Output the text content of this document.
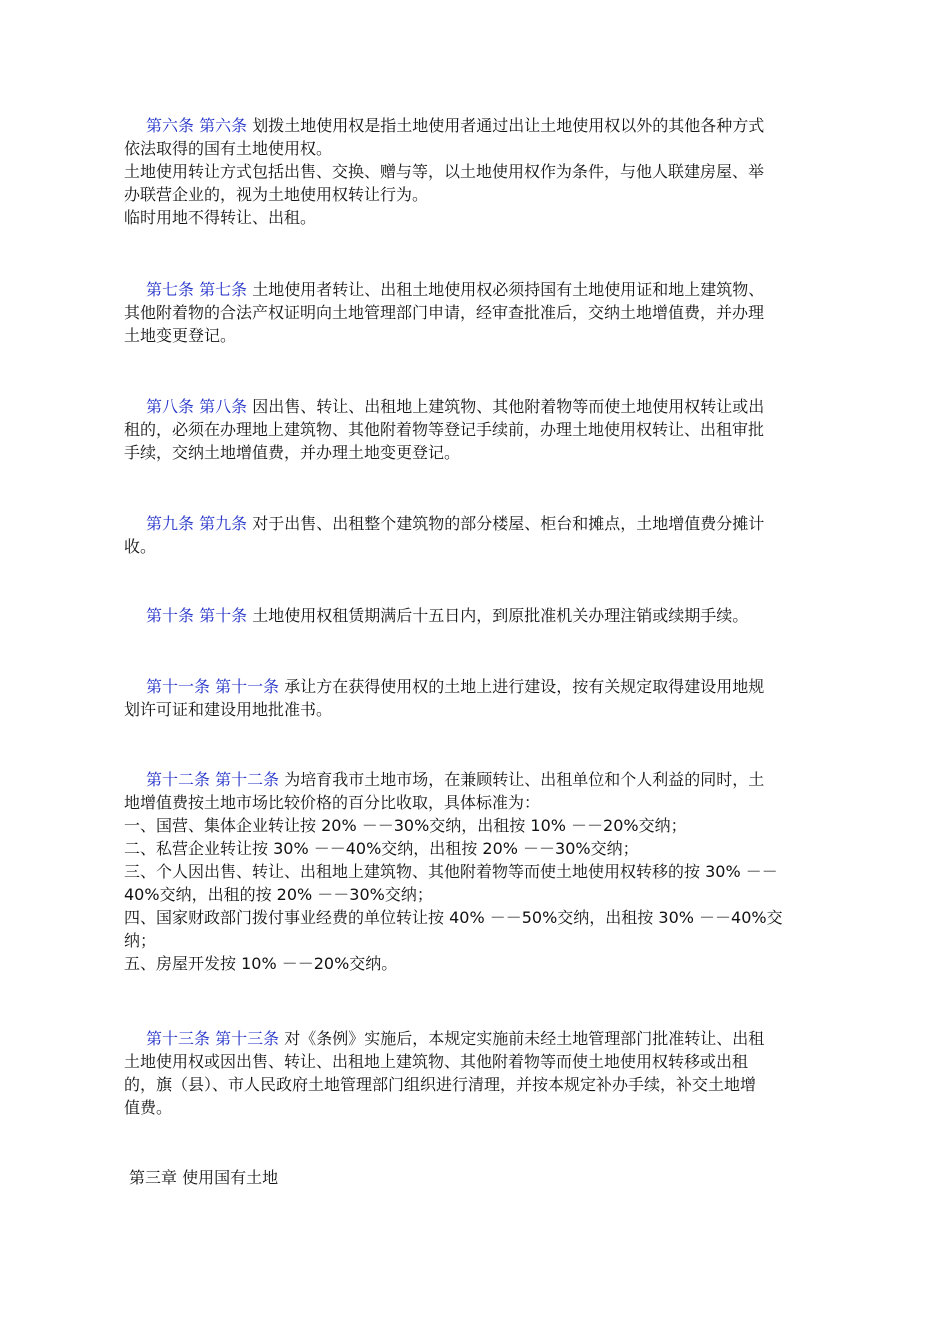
第六条 第六条 划拨土地使用权是指土地使用者通过出让土地使用权以外的其他各种方式
依法取得的国有土地使用权。
土地使用转让方式包括出售、交换、赠与等，以土地使用权作为条件，与他人联建房屋、举
办联营企业的，视为土地使用权转让行为。
临时用地不得转让、出租。
第七条 第七条 土地使用者转让、出租土地使用权必须持国有土地使用证和地上建筑物、
其他附着物的合法产权证明向土地管理部门申请，经审查批准后，交纳土地增值费，并办理
土地变更登记。
第八条 第八条 因出售、转让、出租地上建筑物、其他附着物等而使土地使用权转让或出
租的，必须在办理地上建筑物、其他附着物等登记手续前，办理土地使用权转让、出租审批
手续，交纳土地增值费，并办理土地变更登记。
第九条 第九条 对于出售、出租整个建筑物的部分楼屋、柜台和摊点，土地增值费分摊计
收。
第十条 第十条 土地使用权租赁期满后十五日内，到原批准机关办理注销或续期手续。
第十一条 第十一条 承让方在获得使用权的土地上进行建设，按有关规定取得建设用地规
划许可证和建设用地批准书。
第十二条 第十二条 为培育我市土地市场，在兼顾转让、出租单位和个人利益的同时，土
地增值费按土地市场比较价格的百分比收取，具体标准为：
一、国营、集体企业转让按 20% －－30%交纳，出租按 10% －－20%交纳；
二、私营企业转让按 30% －－40%交纳，出租按 20% －－30%交纳；
三、个人因出售、转让、出租地上建筑物、其他附着物等而使土地使用权转移的按 30% －－
40%交纳，出租的按 20% －－30%交纳；
四、国家财政部门拨付事业经费的单位转让按 40% －－50%交纳，出租按 30% －－40%交
纳；
五、房屋开发按 10% －－20%交纳。
第十三条 第十三条 对《条例》实施后，本规定实施前未经土地管理部门批准转让、出租
土地使用权或因出售、转让、出租地上建筑物、其他附着物等而使土地使用权转移或出租
的，旗（县）、市人民政府土地管理部门组织进行清理，并按本规定补办手续，补交土地增
值费。
第三章 使用国有土地
